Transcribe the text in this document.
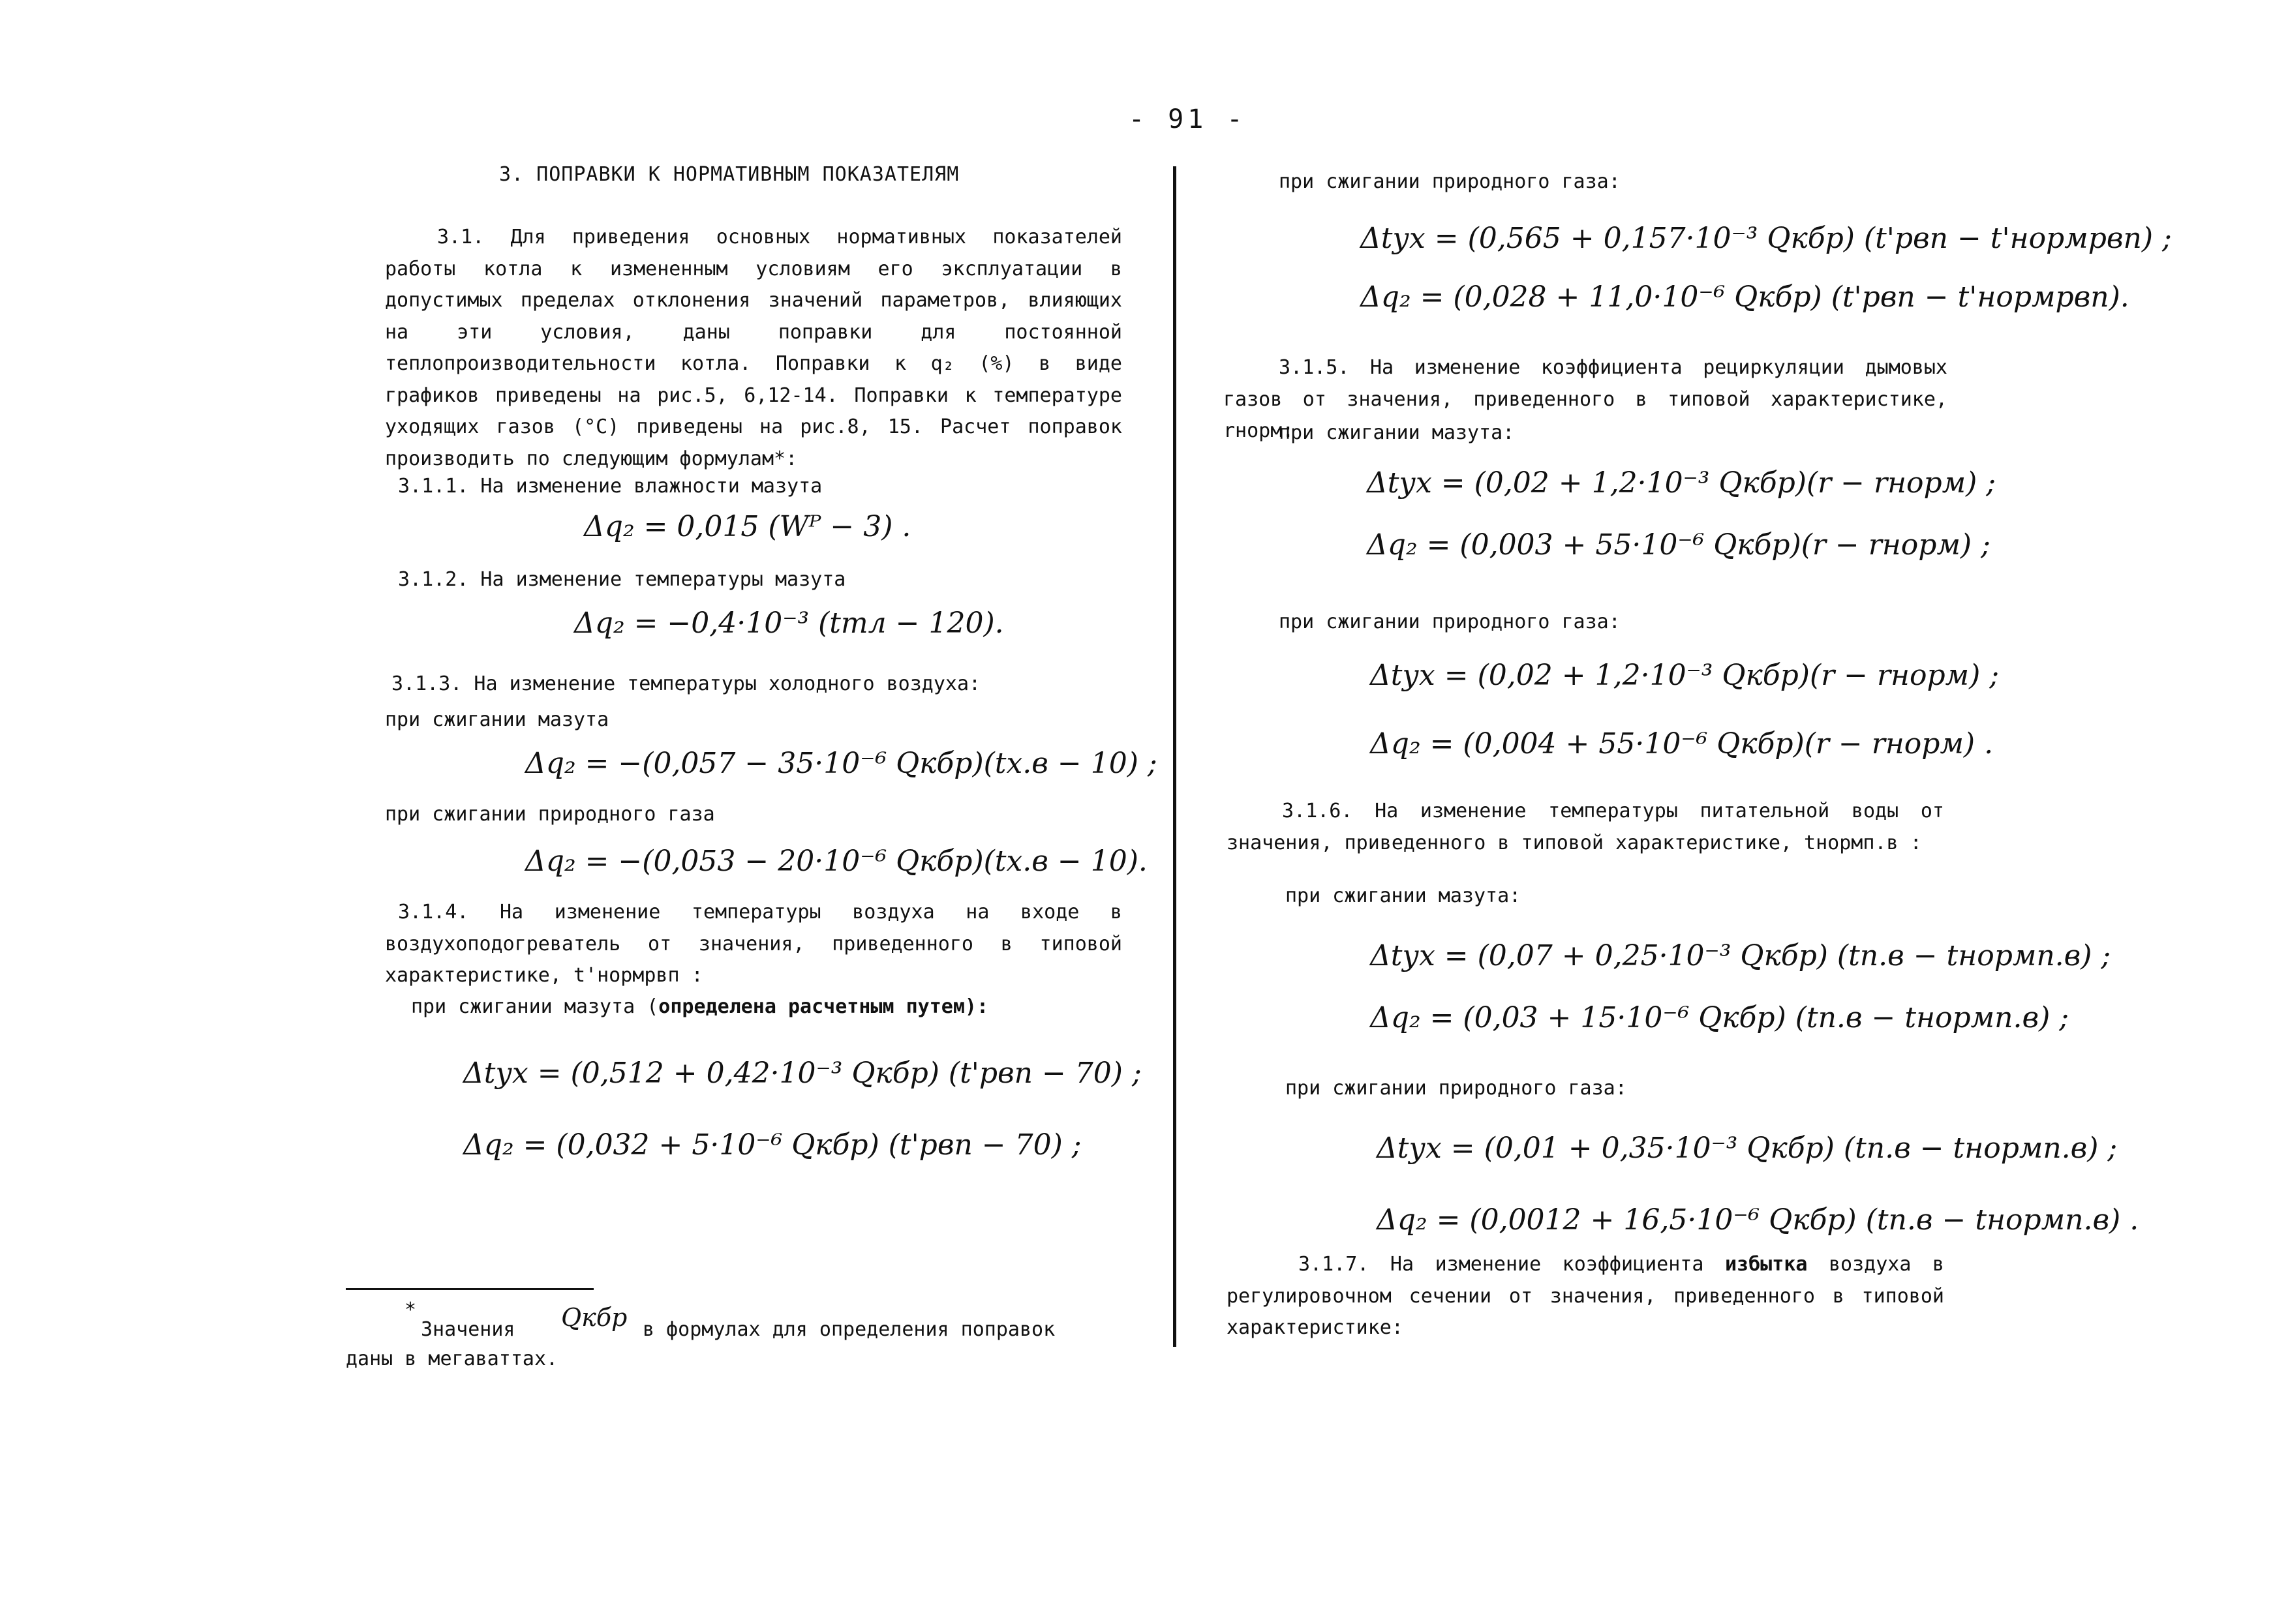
- 91 -
3. ПОПРАВКИ К НОРМАТИВНЫМ ПОКАЗАТЕЛЯМ
3.1. Для приведения основных нормативных показателей работы котла к измененным условиям его эксплуатации в допустимых пределах отклонения значений параметров, влияющих на эти условия, даны поправки для постоянной теплопроизводительности котла. Поправки к q₂ (%) в виде графиков приведены на рис.5, 6,12-14. Поправки к температуре уходящих газов (°C) приведены на рис.8, 15. Расчет поправок производить по следующим формулам*:
3.1.1. На изменение влажности мазута
Δq₂ = 0,015 (Wᴾ − 3) .
3.1.2. На изменение температуры мазута
Δq₂ = −0,4·10⁻³ (tтл − 120).
3.1.3. На изменение температуры холодного воздуха:
при сжигании мазута
Δq₂ = −(0,057 − 35·10⁻⁶ Qкбр)(tх.в − 10) ;
при сжигании природного газа
Δq₂ = −(0,053 − 20·10⁻⁶ Qкбр)(tх.в − 10).
3.1.4. На изменение температуры воздуха на входе в воздухоподогреватель от значения, приведенного в типовой характеристике, t'нормрвп :
при сжигании мазута (определена расчетным путем):
Δtух = (0,512 + 0,42·10⁻³ Qкбр) (t'рвп − 70) ;
Δq₂ = (0,032 + 5·10⁻⁶ Qкбр) (t'рвп − 70) ;
*
Значения Qкбр в формулах для определения поправок
даны в мегаваттах.
при сжигании природного газа:
Δtух = (0,565 + 0,157·10⁻³ Qкбр) (t'рвп − t'нормрвп) ;
Δq₂ = (0,028 + 11,0·10⁻⁶ Qкбр) (t'рвп − t'нормрвп).
3.1.5. На изменение коэффициента рециркуляции дымовых газов от значения, приведенного в типовой характеристике, rнорм:
при сжигании мазута:
Δtух = (0,02 + 1,2·10⁻³ Qкбр)(r − rнорм) ;
Δq₂ = (0,003 + 55·10⁻⁶ Qкбр)(r − rнорм) ;
при сжигании природного газа:
Δtух = (0,02 + 1,2·10⁻³ Qкбр)(r − rнорм) ;
Δq₂ = (0,004 + 55·10⁻⁶ Qкбр)(r − rнорм) .
3.1.6. На изменение температуры питательной воды от значения, приведенного в типовой характеристике, tнормп.в :
при сжигании мазута:
Δtух = (0,07 + 0,25·10⁻³ Qкбр) (tп.в − tнормп.в) ;
Δq₂ = (0,03 + 15·10⁻⁶ Qкбр) (tп.в − tнормп.в) ;
при сжигании природного газа:
Δtух = (0,01 + 0,35·10⁻³ Qкбр) (tп.в − tнормп.в) ;
Δq₂ = (0,0012 + 16,5·10⁻⁶ Qкбр) (tп.в − tнормп.в) .
3.1.7. На изменение коэффициента избытка воздуха в регулировочном сечении от значения, приведенного в типовой характеристике:
